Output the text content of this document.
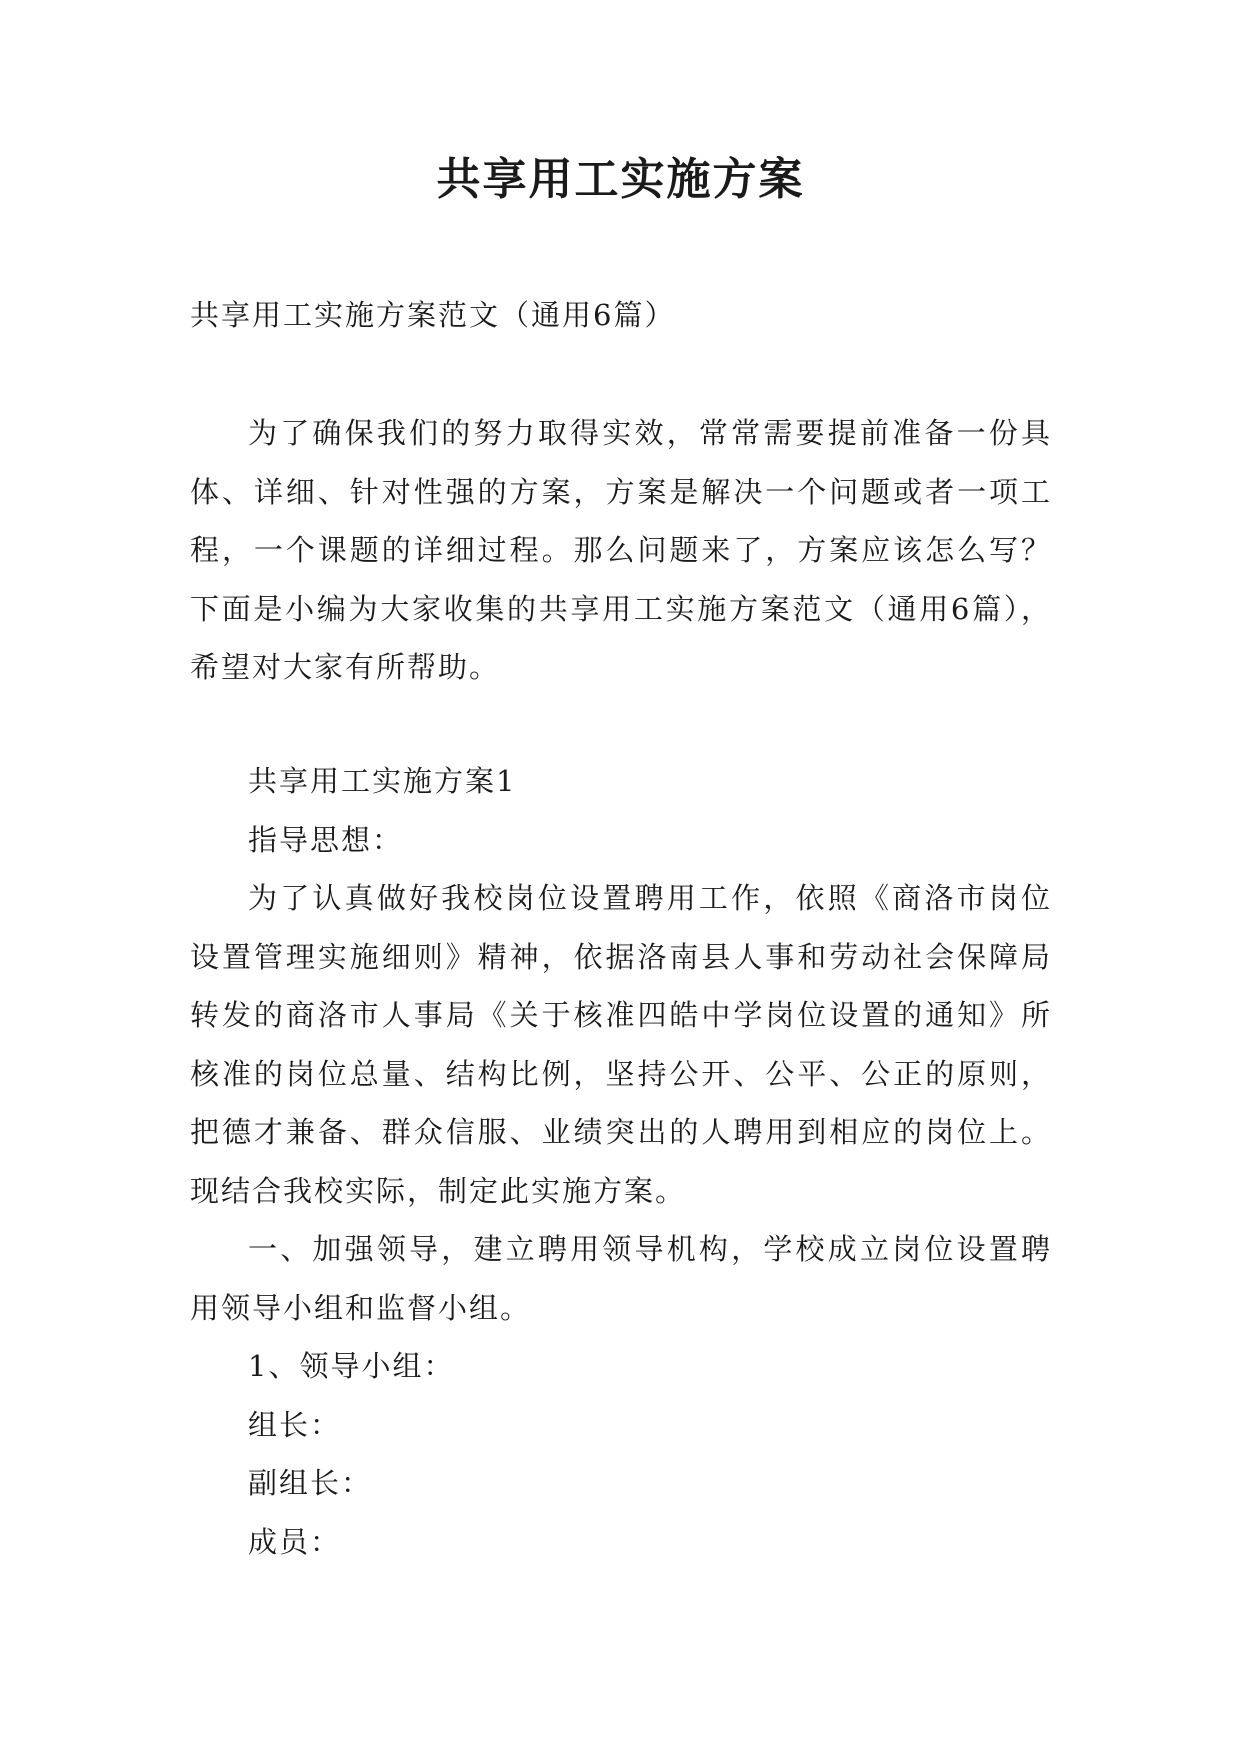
共享用工实施方案
共享用工实施方案范文（通用6篇）

为了确保我们的努力取得实效，常常需要提前准备一份具体、详细、针对性强的方案，方案是解决一个问题或者一项工程，一个课题的详细过程。那么问题来了，方案应该怎么写？下面是小编为大家收集的共享用工实施方案范文（通用6篇），希望对大家有所帮助。

共享用工实施方案1

指导思想：

为了认真做好我校岗位设置聘用工作，依照《商洛市岗位设置管理实施细则》精神，依据洛南县人事和劳动社会保障局转发的商洛市人事局《关于核准四皓中学岗位设置的通知》所核准的岗位总量、结构比例，坚持公开、公平、公正的原则，把德才兼备、群众信服、业绩突出的人聘用到相应的岗位上。现结合我校实际，制定此实施方案。

一、加强领导，建立聘用领导机构，学校成立岗位设置聘用领导小组和监督小组。

1、领导小组：

组长：

副组长：

成员：
